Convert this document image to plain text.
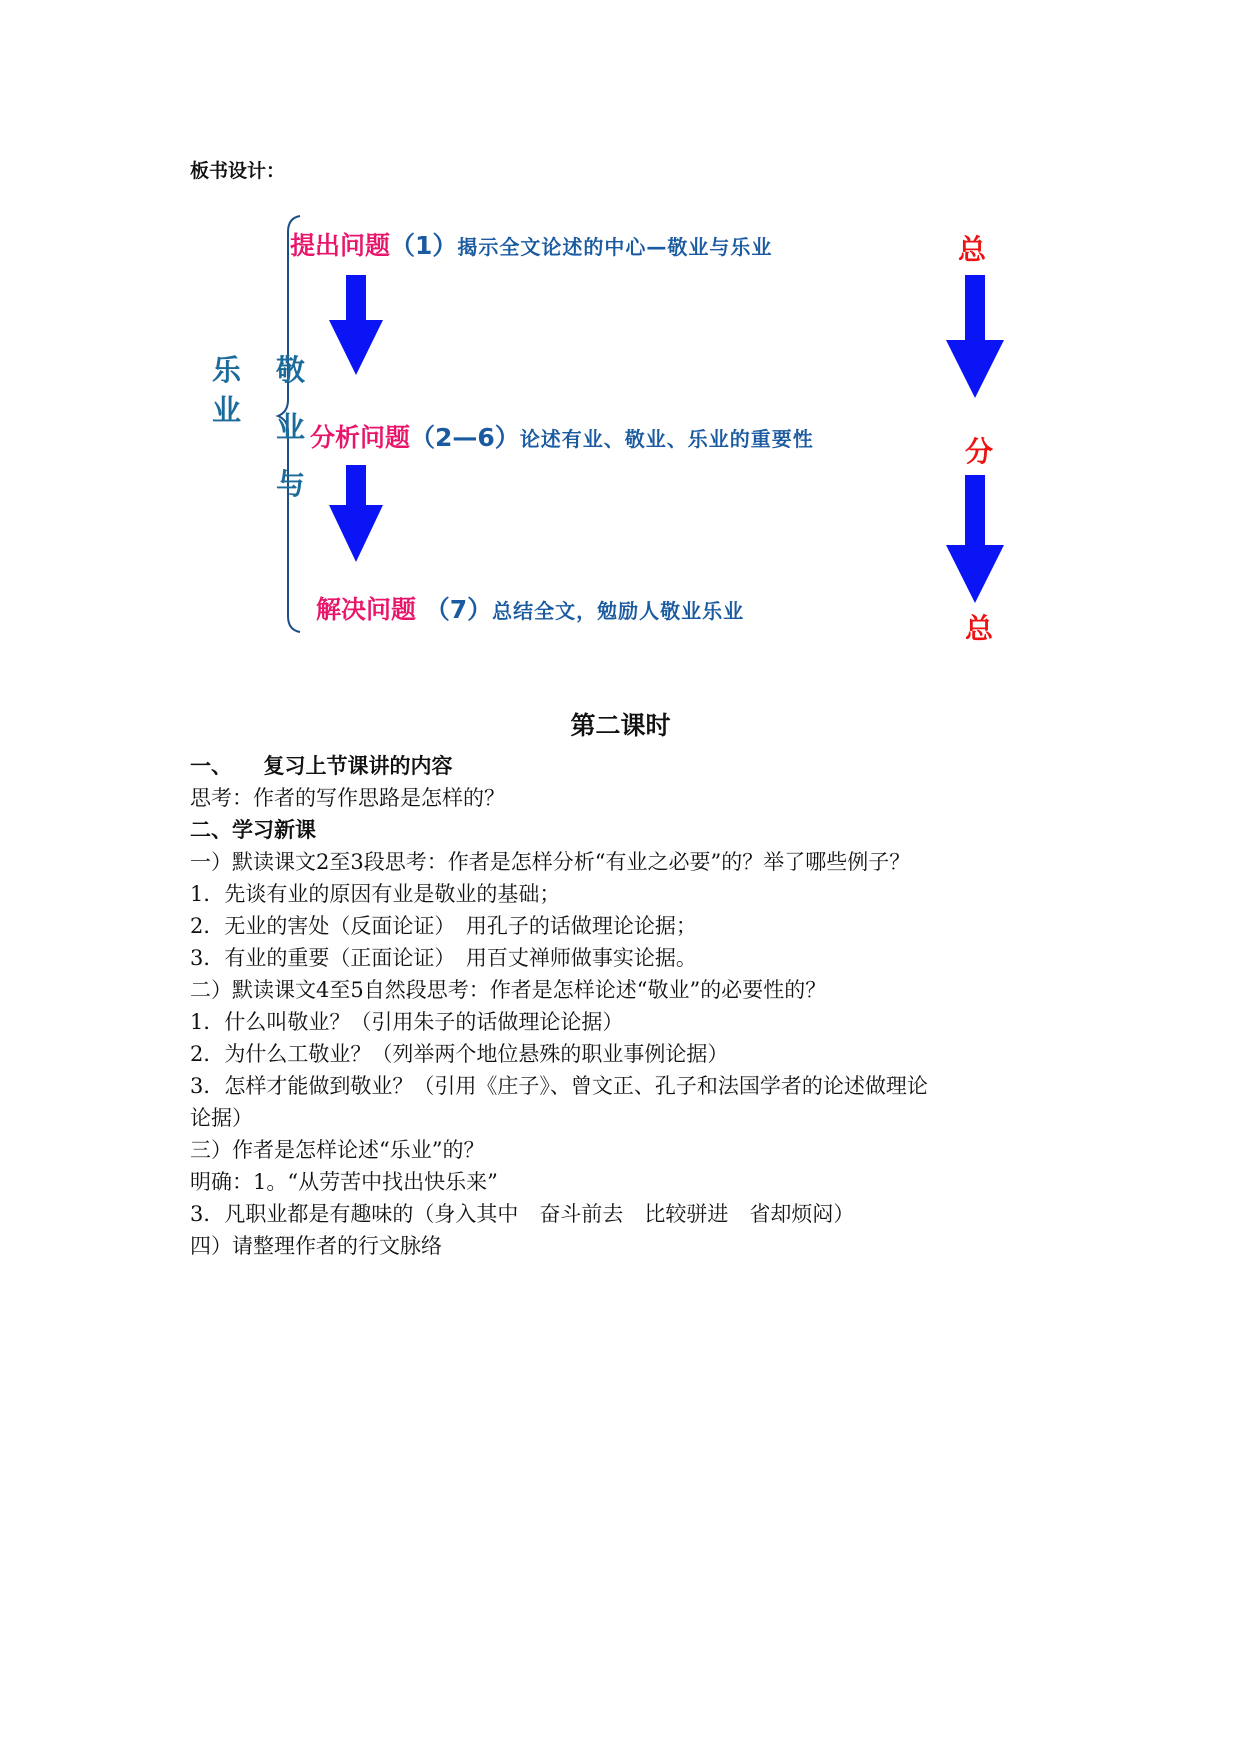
板书设计：
乐
业
敬
业
与
提出问题（1）揭示全文论述的中心—敬业与乐业
分析问题（2—6）论述有业、敬业、乐业的重要性
解决问题 （7）总结全文，勉励人敬业乐业
总
分
总
第二课时
一、　　复习上节课讲的内容
思考：作者的写作思路是怎样的？
二、学习新课
一）默读课文2至3段思考：作者是怎样分析“有业之必要”的？举了哪些例子？
1．先谈有业的原因有业是敬业的基础；
2．无业的害处（反面论证）　用孔子的话做理论论据；
3．有业的重要（正面论证）　用百丈禅师做事实论据。
二）默读课文4至5自然段思考：作者是怎样论述“敬业”的必要性的？
1．什么叫敬业？（引用朱子的话做理论论据）
2．为什么工敬业？（列举两个地位悬殊的职业事例论据）
3．怎样才能做到敬业？（引用《庄子》、曾文正、孔子和法国学者的论述做理论
论据）
三）作者是怎样论述“乐业”的？
明确：1。“从劳苦中找出快乐来”
3．凡职业都是有趣味的（身入其中　奋斗前去　比较骈进　省却烦闷）
四）请整理作者的行文脉络
